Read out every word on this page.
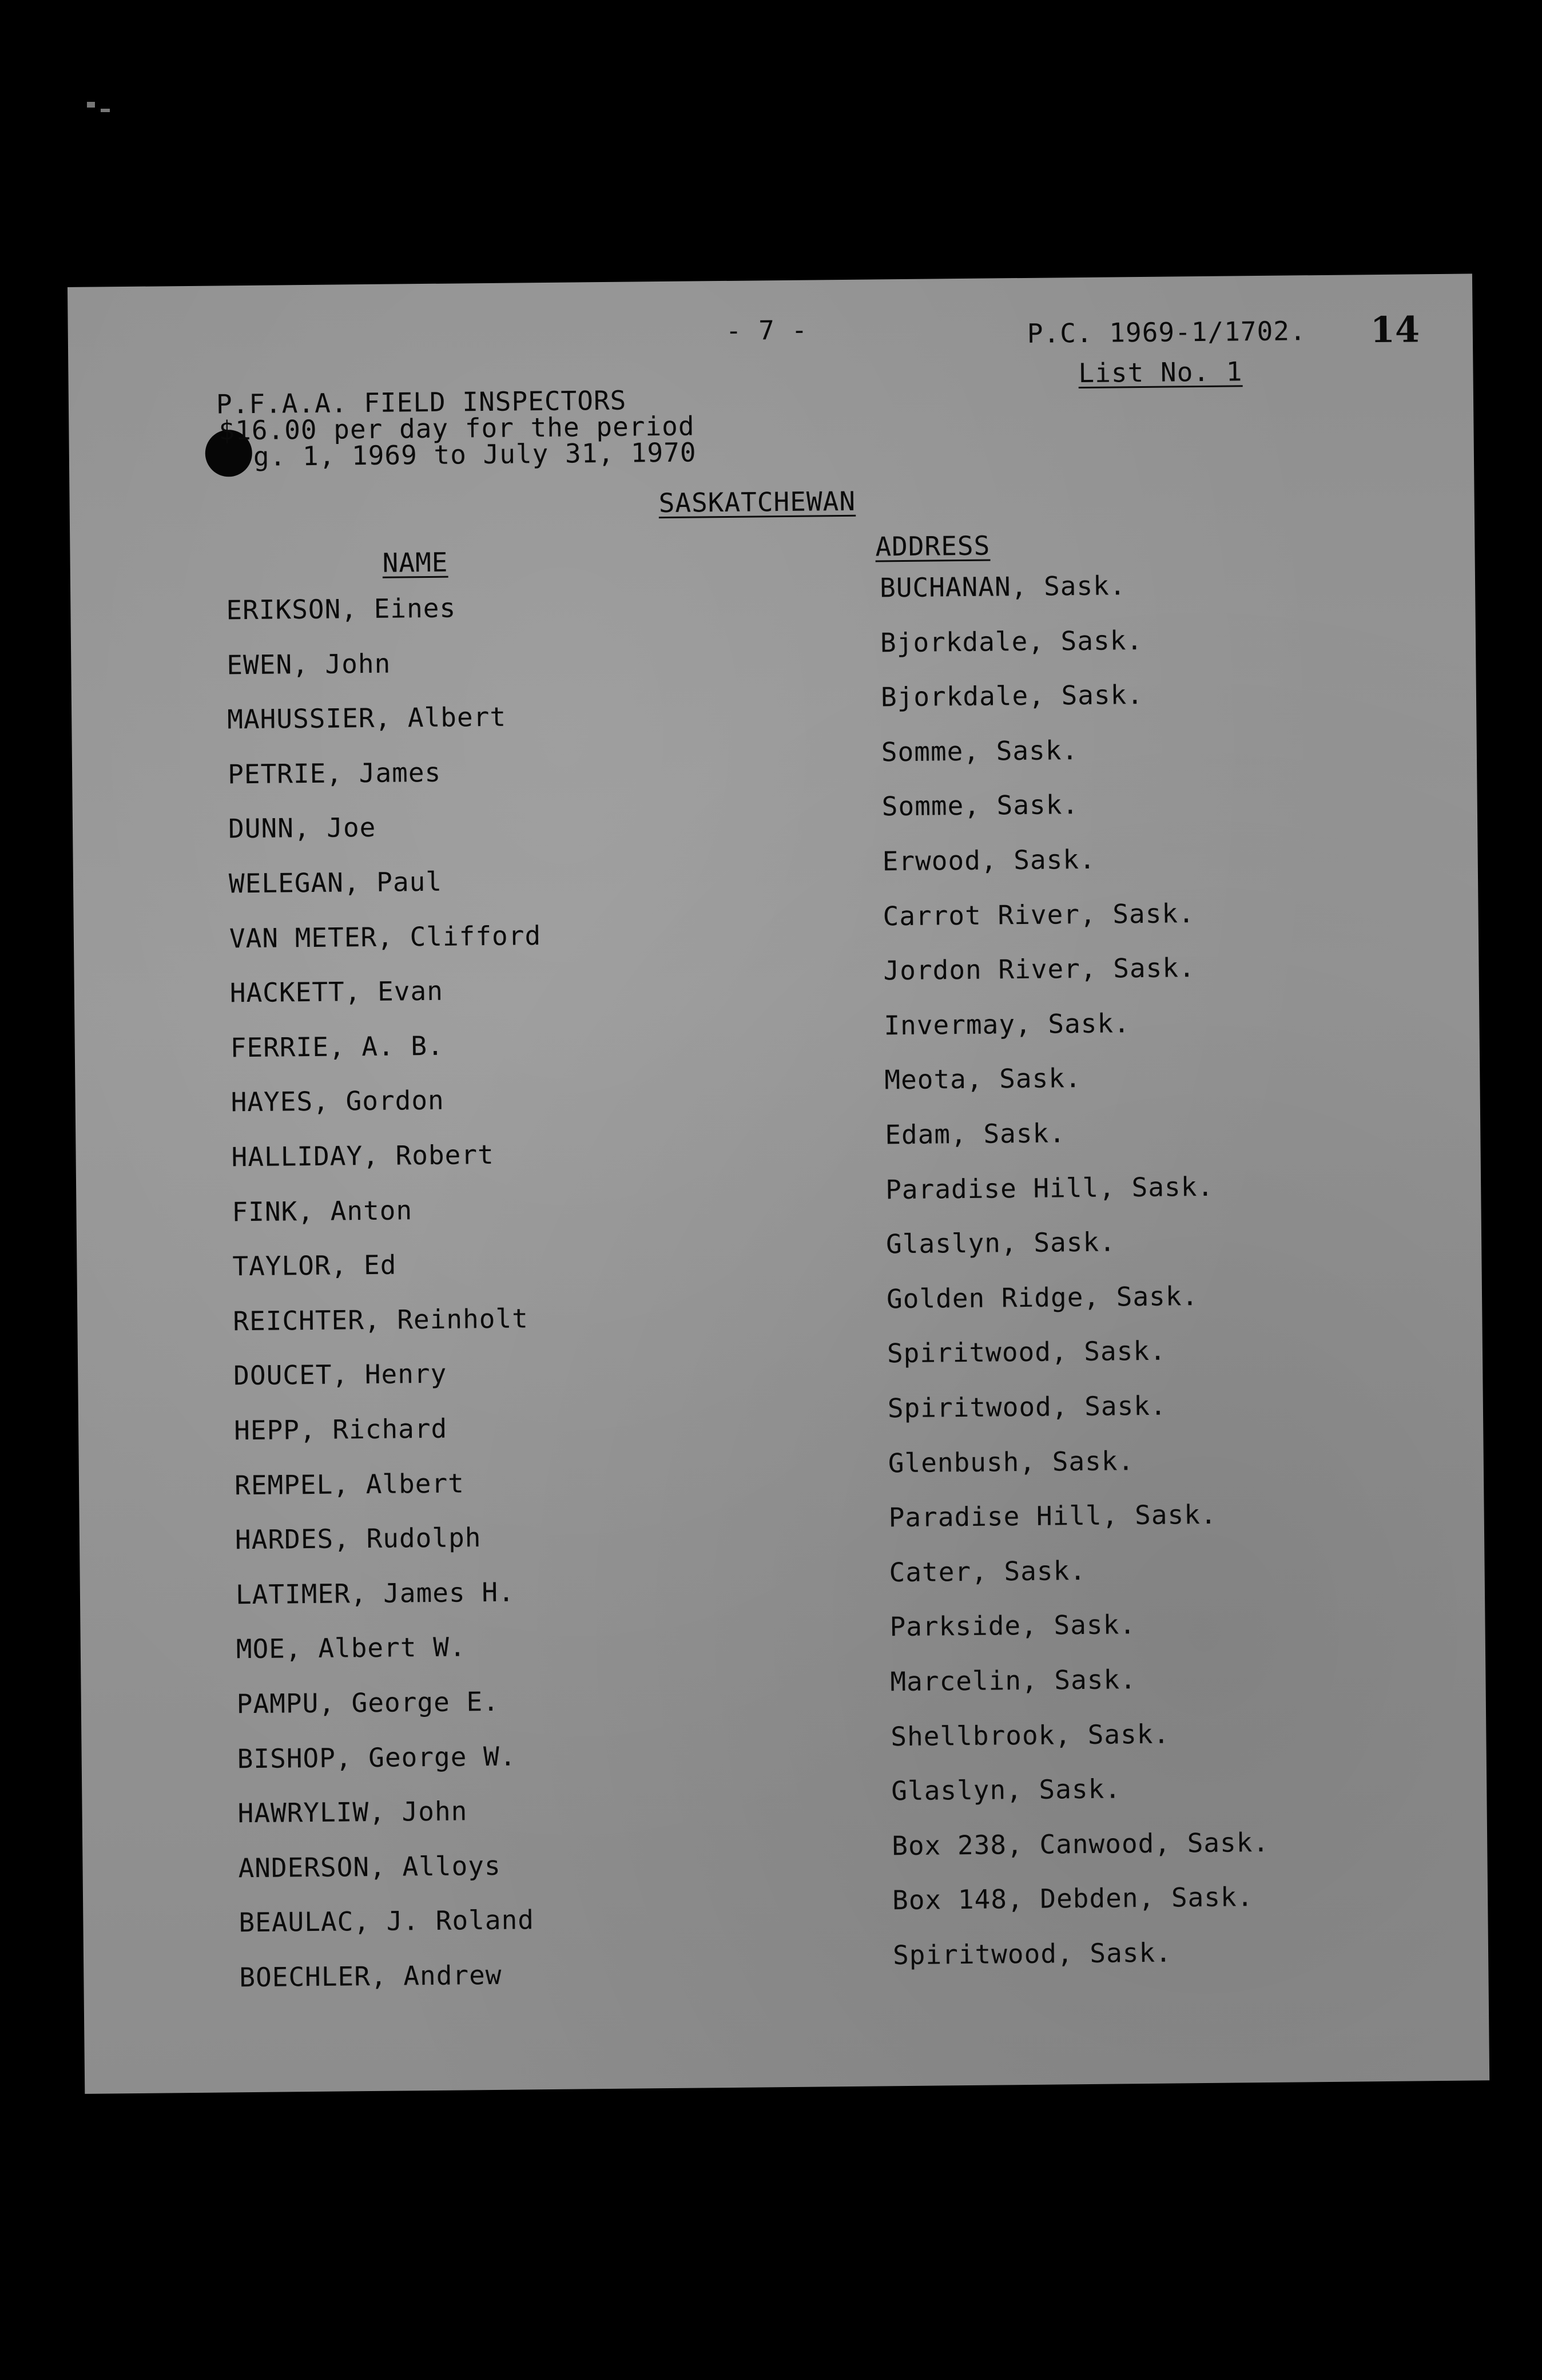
- 7 -	P.C. 1969-1/1702. 14
List No. 1
P.F.A.A. FIELD INSPECTORS
$16.00 per day for the period
g. 1, 1969 to July 31, 1970
SASKATCHEWAN
NAME
ADDRESS
ERIKSON, Eines
BUCHANAN, Sask.
EWEN, John
Bjorkdale, Sask.
MAHUSSIER, Albert
Bjorkdale, Sask.
PETRIE, James
Somme, Sask.
DUNN, Joe
Somme, Sask.
WELEGAN, Paul
Erwood, Sask.
VAN METER, Clifford
Carrot River, Sask.
HACKETT, Evan
Jordon River, Sask.
FERRIE, A. B.
Invermay, Sask.
HAYES, Gordon
Meota, Sask.
HALLIDAY, Robert
Edam, Sask.
FINK, Anton
Paradise Hill, Sask.
TAYLOR, Ed
Glaslyn, Sask.
REICHTER, Reinholt
Golden Ridge, Sask.
DOUCET, Henry
Spiritwood, Sask.
HEPP, Richard
Spiritwood, Sask.
REMPEL, Albert
Glenbush, Sask.
HARDES, Rudolph
Paradise Hill, Sask.
LATIMER, James H.
Cater, Sask.
MOE, Albert W.
Parkside, Sask.
PAMPU, George E.
Marcelin, Sask.
BISHOP, George W.
Shellbrook, Sask.
HAWRYLIW, John
Glaslyn, Sask.
ANDERSON, Alloys
Box 238, Canwood, Sask.
BEAULAC, J. Roland
Box 148, Debden, Sask.
BOECHLER, Andrew
Spiritwood, Sask.
